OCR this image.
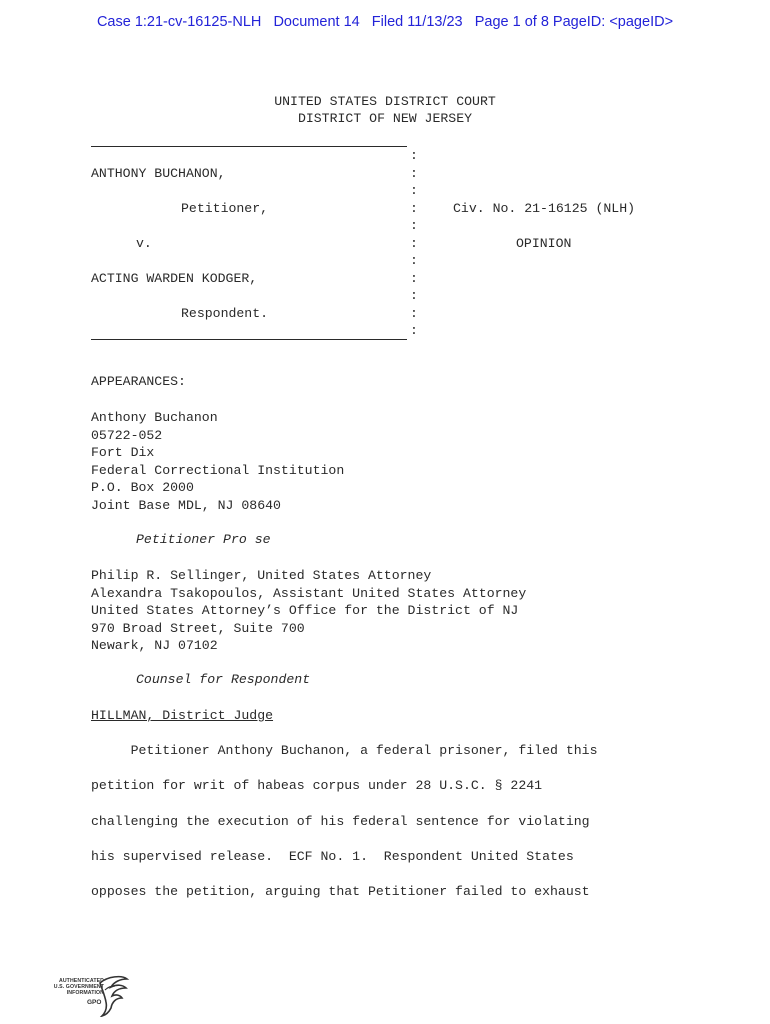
Case 1:21-cv-16125-NLH Document 14 Filed 11/13/23 Page 1 of 8 PageID: <pageID>
UNITED STATES DISTRICT COURT
DISTRICT OF NEW JERSEY
:
:
:
:
:
:
:
:
:
:
:
ANTHONY BUCHANON,
Petitioner,
v.
ACTING WARDEN KODGER,
Respondent.
Civ. No. 21-16125 (NLH)
OPINION
APPEARANCES:
Anthony Buchanon
05722-052
Fort Dix
Federal Correctional Institution
P.O. Box 2000
Joint Base MDL, NJ 08640
Petitioner Pro se
Philip R. Sellinger, United States Attorney
Alexandra Tsakopoulos, Assistant United States Attorney
United States Attorney’s Office for the District of NJ
970 Broad Street, Suite 700
Newark, NJ 07102
Counsel for Respondent
HILLMAN, District Judge
Petitioner Anthony Buchanon, a federal prisoner, filed this
petition for writ of habeas corpus under 28 U.S.C. § 2241
challenging the execution of his federal sentence for violating
his supervised release.  ECF No. 1.  Respondent United States
opposes the petition, arguing that Petitioner failed to exhaust
AUTHENTICATED
U.S. GOVERNMENT
INFORMATION
GPO
